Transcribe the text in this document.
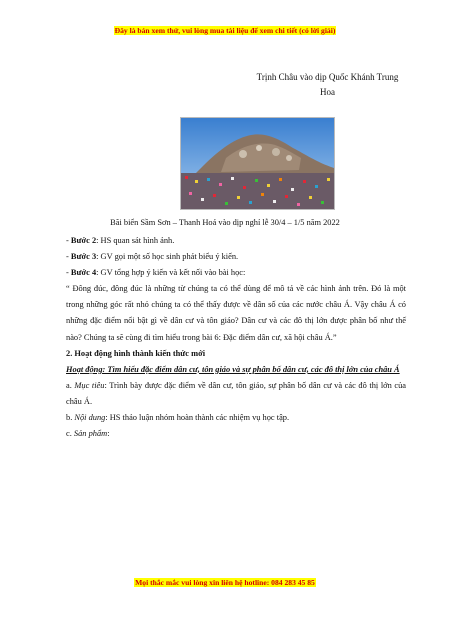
Đây là bản xem thử, vui lòng mua tài liệu để xem chi tiết (có lời giải)
Trịnh Châu vào dịp Quốc Khánh Trung Hoa
Bãi biển Sầm Sơn – Thanh Hoá vào dịp nghỉ lễ 30/4 – 1/5 năm 2022

- Bước 2: HS quan sát hình ảnh.

- Bước 3: GV gọi một số học sinh phát biểu ý kiến.

- Bước 4: GV tổng hợp ý kiến và kết nối vào bài học:

“ Đông đúc, đông đúc là những từ chúng ta có thể dùng để mô tả về các hình ảnh trên. Đó là một trong những góc rất nhỏ chúng ta có thể thấy được về dân số của các nước châu Á. Vậy châu Á có những đặc điểm nổi bật gì về dân cư và tôn giáo? Dân cư và các đô thị lớn được phân bố như thế nào? Chúng ta sẽ cùng đi tìm hiểu trong bài 6: Đặc điểm dân cư, xã hội châu Á.”

2. Hoạt động hình thành kiến thức mới

Hoạt động: Tìm hiểu đặc điểm dân cư, tôn giáo và sự phân bố dân cư, các đô thị lớn của châu Á

a. Mục tiêu: Trình bày được đặc điểm về dân cư, tôn giáo, sự phân bố dân cư và các đô thị lớn của châu Á.

b. Nội dung: HS thảo luận nhóm hoàn thành các nhiệm vụ học tập.

c. Sản phẩm:

Mọi thắc mắc vui lòng xin liên hệ hotline: 084 283 45 85
